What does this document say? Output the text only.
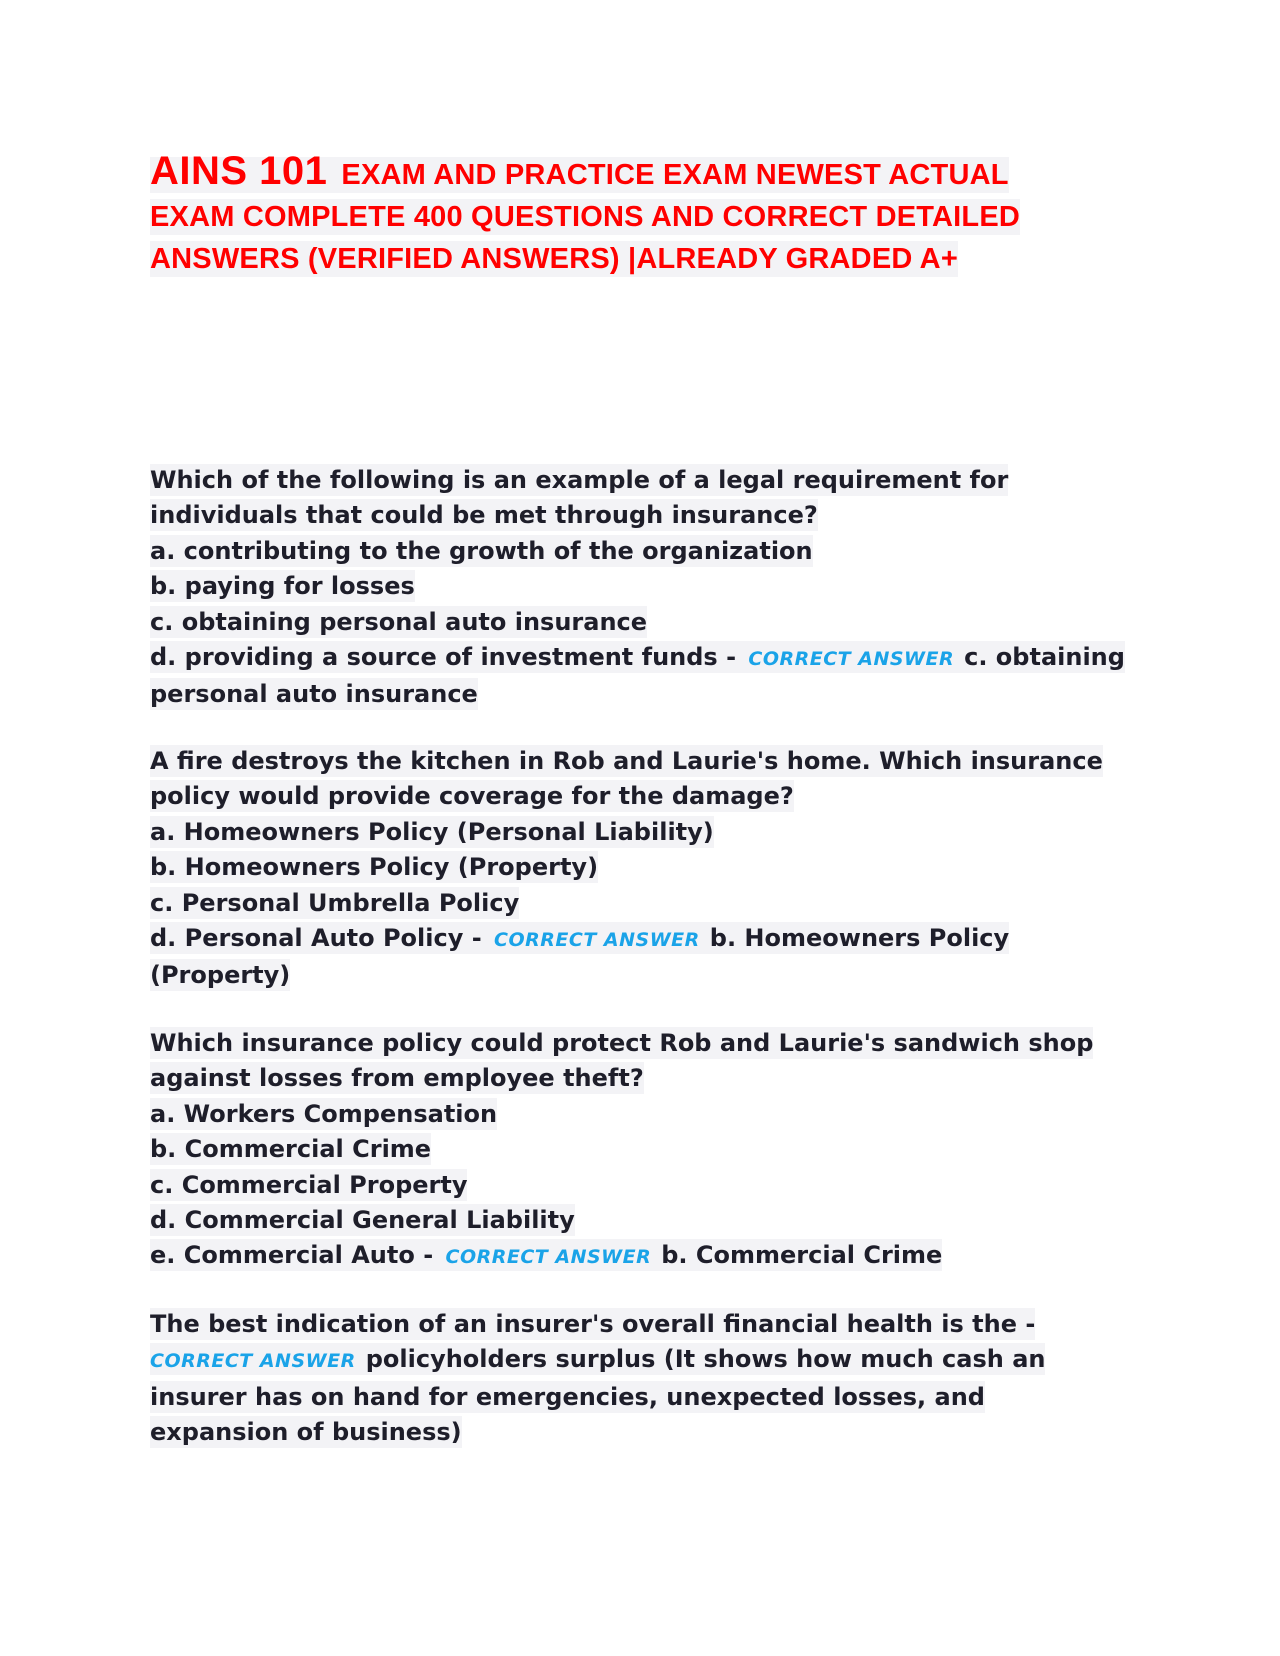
AINS 101 EXAM AND PRACTICE EXAM NEWEST ACTUAL
EXAM COMPLETE 400 QUESTIONS AND CORRECT DETAILED
ANSWERS (VERIFIED ANSWERS) |ALREADY GRADED A+
Which of the following is an example of a legal requirement for
individuals that could be met through insurance?
a. contributing to the growth of the organization
b. paying for losses
c. obtaining personal auto insurance
d. providing a source of investment funds - CORRECT ANSWER c. obtaining
personal auto insurance
A fire destroys the kitchen in Rob and Laurie's home. Which insurance
policy would provide coverage for the damage?
a. Homeowners Policy (Personal Liability)
b. Homeowners Policy (Property)
c. Personal Umbrella Policy
d. Personal Auto Policy - CORRECT ANSWER b. Homeowners Policy
(Property)
Which insurance policy could protect Rob and Laurie's sandwich shop
against losses from employee theft?
a. Workers Compensation
b. Commercial Crime
c. Commercial Property
d. Commercial General Liability
e. Commercial Auto - CORRECT ANSWER b. Commercial Crime
The best indication of an insurer's overall financial health is the -
CORRECT ANSWER policyholders surplus (It shows how much cash an
insurer has on hand for emergencies, unexpected losses, and
expansion of business)
